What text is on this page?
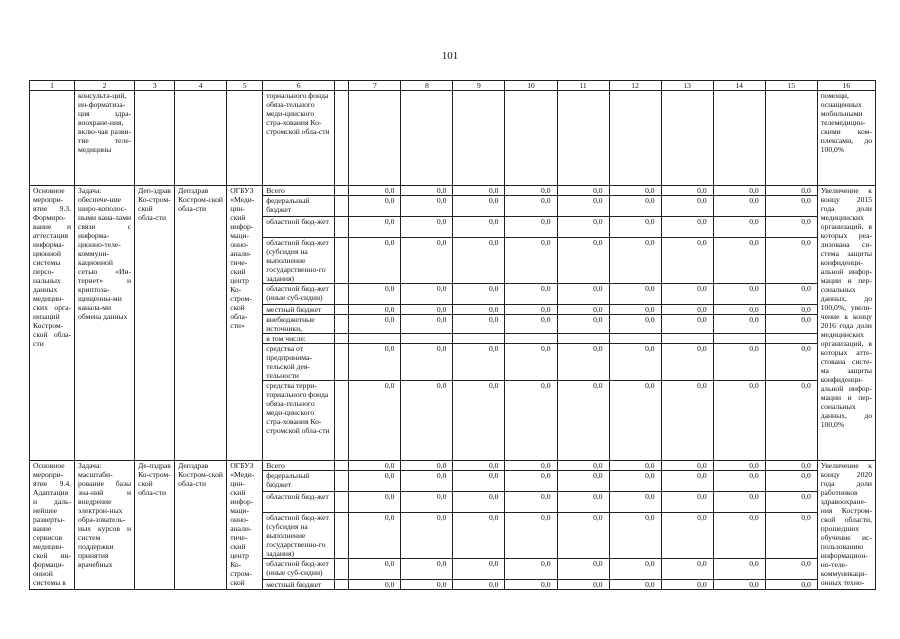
101
1	2	3	4	5	6		7	8	9	10	11	12	13	14	15	16
	консульта-ций, ин-форматиза-ция здра-воохране-ния, вклю-чая разви-тие теле-медицины				ториального фонда обяза-тельного меди-цинского стра-хования Ко-стромской обла-сти											помощи, оснащенных мобильными телемедицин-скими ком-плексами, до 100,0%
Основное меропри-ятие 9.3. Формиро-вание и аттестация информа-ционной системы персо-нальных данных медицин-ских орга-низаций Костром-ской обла-сти	Задача: обеспече-ние широ-кополос-ными кана-лами связи с информа-ционно-теле-коммуни-кационной сетью «Ин-тернет» и криптоза-щищенны-ми канала-ми обмена данных	Деп-здрав Ко-стром-ской обла-сти	Депздрав Костром-ской обла-сти	ОГБУЗ «Меди-цин-ский инфор-маци-онно-анали-тиче-ский центр Ко-стром-ской обла-сти»	Всего		0,0	0,0	0,0	0,0	0,0	0,0	0,0	0,0	0,0	Увеличение к концу 2015 года доли медицинских организаций, в которых реа-лизована си-стема защиты конфиденци-альной инфор-мации и пер-сональных данных, до 100,0%, увели-чение к концу 2016 года доли медицинских организаций, в которых атте-стована систе-ма защиты конфиденци-альной инфор-мации и пер-сональных данных, до 100,0%
					федеральный бюджет		0,0	0,0	0,0	0,0	0,0	0,0	0,0	0,0	0,0	
					областной бюд-жет		0,0	0,0	0,0	0,0	0,0	0,0	0,0	0,0	0,0	
					областной бюд-жет (субсидия на выполнение государственно-го задания)		0,0	0,0	0,0	0,0	0,0	0,0	0,0	0,0	0,0	
					областной бюд-жет (иные суб-сидии)		0,0	0,0	0,0	0,0	0,0	0,0	0,0	0,0	0,0	
					местный бюджет		0,0	0,0	0,0	0,0	0,0	0,0	0,0	0,0	0,0	
					внебюджетные источники,		0,0	0,0	0,0	0,0	0,0	0,0	0,0	0,0	0,0	
					в том числе:											
					средства от предпринима-тельской дея-тельности		0,0	0,0	0,0	0,0	0,0	0,0	0,0	0,0	0,0	
					средства терри-ториального фонда обяза-тельного меди-цинского стра-хования Ко-стромской обла-сти		0,0	0,0	0,0	0,0	0,0	0,0	0,0	0,0	0,0	
Основное меропри-ятие 9.4. Адаптация и даль-нейшее разверты-вание сервисов медицин-ской ин-формаци-онной системы в	Задача: масштаби-рование базы зна-ний и внедрение электрон-ных обра-зователь-ных курсов и систем поддержки принятия врачебных	Де-пздрав Ко-стром-ской обла-сти	Депздрав Костром-ской обла-сти	ОГБУЗ «Меди-цин-ский инфор-маци-онно-анали-тиче-ский центр Ко-стром-ской	Всего		0,0	0,0	0,0	0,0	0,0	0,0	0,0	0,0	0,0	Увеличение к концу 2020 года доли работников здравоохране-ния Костром-ской области, прошедших обучение ис-пользованию информацион-но-теле-коммуникаци-онных техно-
					федеральный бюджет		0,0	0,0	0,0	0,0	0,0	0,0	0,0	0,0	0,0	
					областной бюд-жет		0,0	0,0	0,0	0,0	0,0	0,0	0,0	0,0	0,0	
					областной бюд-жет (субсидия на выполнение государственно-го задания)		0,0	0,0	0,0	0,0	0,0	0,0	0,0	0,0	0,0	
					областной бюд-жет (иные суб-сидии)		0,0	0,0	0,0	0,0	0,0	0,0	0,0	0,0	0,0	
					местный бюджет		0,0	0,0	0,0	0,0	0,0	0,0	0,0	0,0	0,0	
